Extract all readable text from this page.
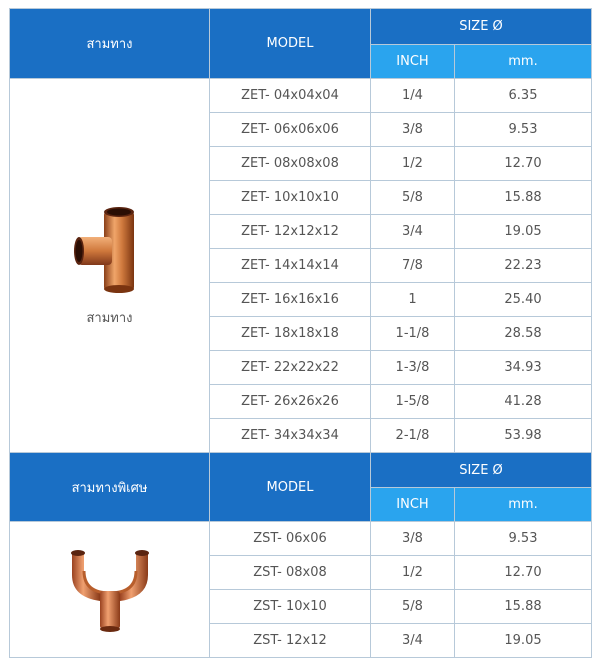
สามทาง	MODEL	SIZE Ø	
		INCH	mm.

สามทาง	ZET- 04x04x04	1/4	6.35
	ZET- 06x06x06	3/8	9.53
	ZET- 08x08x08	1/2	12.70
	ZET- 10x10x10	5/8	15.88
	ZET- 12x12x12	3/4	19.05
	ZET- 14x14x14	7/8	22.23
	ZET- 16x16x16	1	25.40
	ZET- 18x18x18	1-1/8	28.58
	ZET- 22x22x22	1-3/8	34.93
	ZET- 26x26x26	1-5/8	41.28
	ZET- 34x34x34	2-1/8	53.98
สามทางพิเศษ	MODEL	SIZE Ø	
		INCH	mm.

	ZST- 06x06	3/8	9.53
	ZST- 08x08	1/2	12.70
	ZST- 10x10	5/8	15.88
	ZST- 12x12	3/4	19.05
